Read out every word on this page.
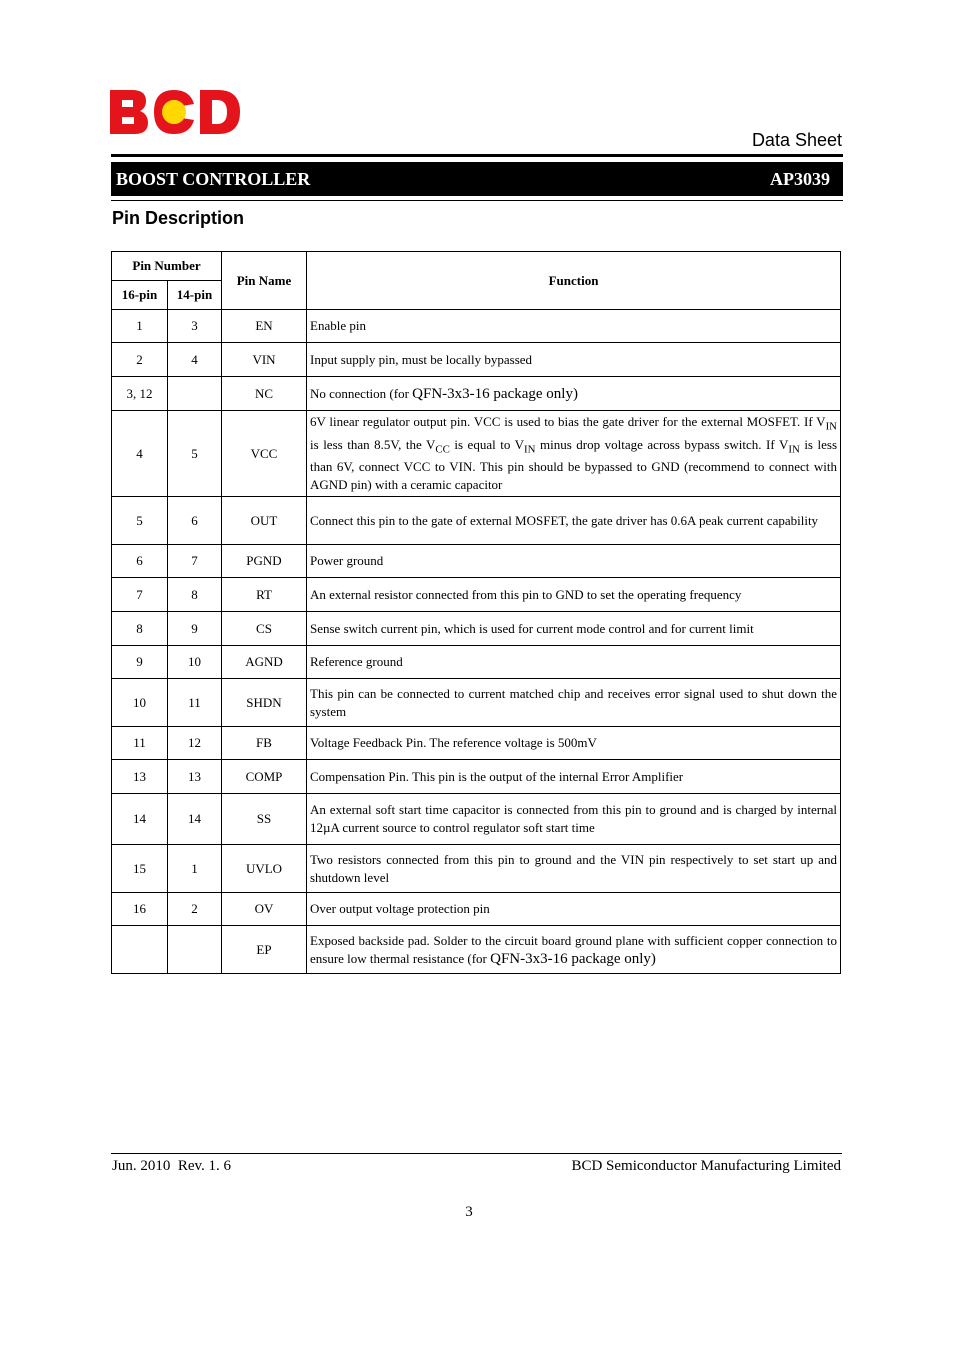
Data Sheet
BOOST CONTROLLER	AP3039
Pin Description
Pin Number		Pin Name	Function
16-pin	14-pin		
1	3	EN	Enable pin
2	4	VIN	Input supply pin, must be locally bypassed
3, 12		NC	No connection (for QFN-3x3-16 package only)
4	5	VCC	6V linear regulator output pin. VCC is used to bias the gate driver for the external MOSFET. If $V_{IN}$ is less than 8.5V, the $V_{CC}$ is equal to $V_{IN}$ minus drop voltage across bypass switch. If $V_{IN}$ is less than 6V, connect VCC to VIN. This pin should be bypassed to GND (recommend to connect with AGND pin) with a ceramic capacitor
5	6	OUT	Connect this pin to the gate of external MOSFET, the gate driver has 0.6A peak current capability
6	7	PGND	Power ground
7	8	RT	An external resistor connected from this pin to GND to set the operating frequency
8	9	CS	Sense switch current pin, which is used for current mode control and for current limit
9	10	AGND	Reference ground
10	11	SHDN	This pin can be connected to current matched chip and receives error signal used to shut down the system
11	12	FB	Voltage Feedback Pin. The reference voltage is 500mV
13	13	COMP	Compensation Pin. This pin is the output of the internal Error Amplifier
14	14	SS	An external soft start time capacitor is connected from this pin to ground and is charged by internal 12µA current source to control regulator soft start time
15	1	UVLO	Two resistors connected from this pin to ground and the VIN pin respectively to set start up and shutdown level
16	2	OV	Over output voltage protection pin
		EP	Exposed backside pad. Solder to the circuit board ground plane with sufficient copper connection to ensure low thermal resistance (for QFN-3x3-16 package only)
Jun. 2010  Rev. 1. 6	BCD Semiconductor Manufacturing Limited
3
